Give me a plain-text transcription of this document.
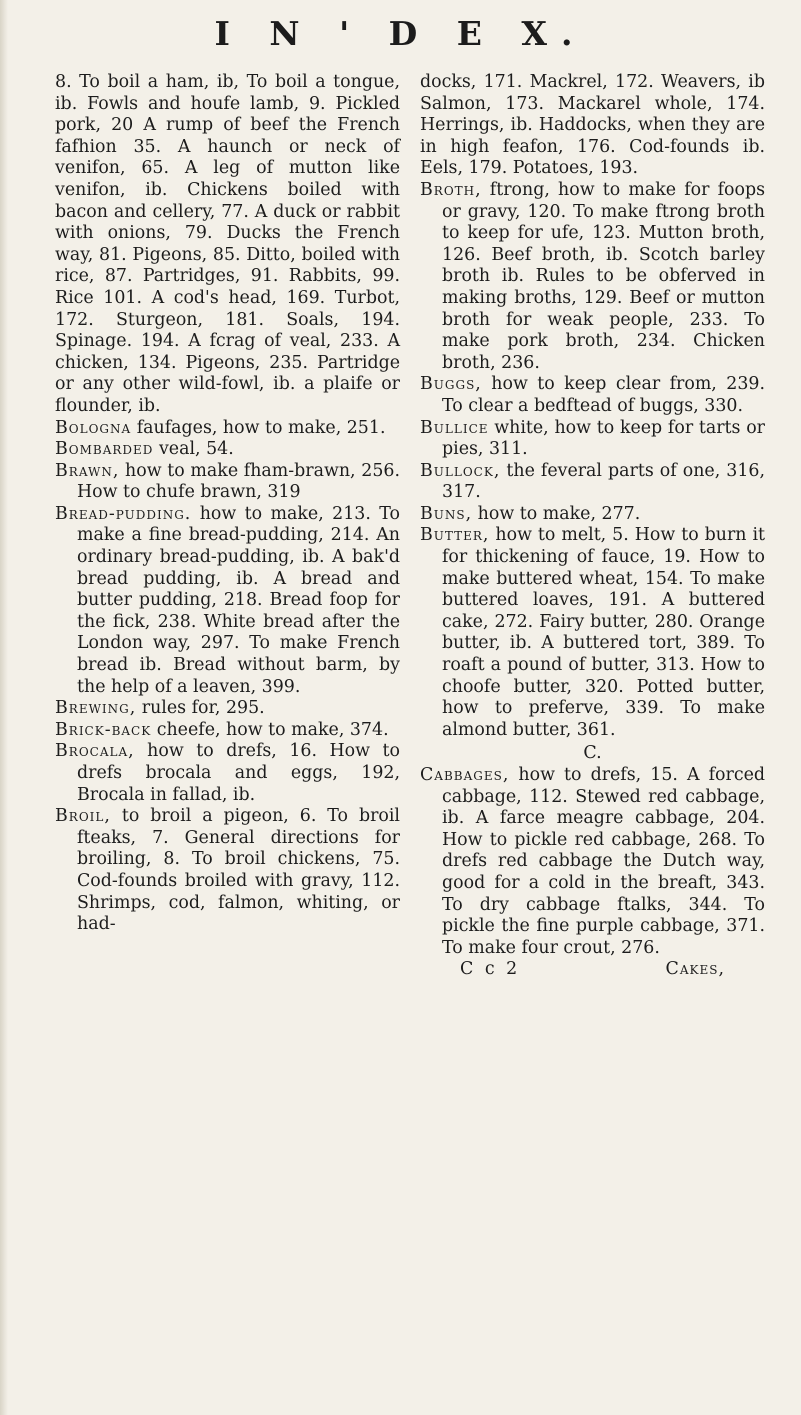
I N ' D E X.

8. To boil a ham, ib, To boil a tongue, ib. Fowls and houfe lamb, 9. Pickled pork, 20 A rump of beef the French fafhion 35. A haunch or neck of venifon, 65. A leg of mutton like venifon, ib. Chickens boiled with bacon and cellery, 77. A duck or rabbit with onions, 79. Ducks the French way, 81. Pigeons, 85. Ditto, boiled with rice, 87. Partridges, 91. Rabbits, 99. Rice 101. A cod's head, 169. Turbot, 172. Sturgeon, 181. Soals, 194. Spinage. 194. A fcrag of veal, 233. A chicken, 134. Pigeons, 235. Partridge or any other wild-fowl, ib. a plaife or flounder, ib.

Bologna faufages, how to make, 251.

Bombarded veal, 54.

Brawn, how to make fham-brawn, 256. How to chufe brawn, 319

Bread-pudding. how to make, 213. To make a fine bread-pudding, 214. An ordinary bread-pudding, ib. A bak'd bread pudding, ib. A bread and butter pudding, 218. Bread foop for the fick, 238. White bread after the London way, 297. To make French bread ib. Bread without barm, by the help of a leaven, 399.

Brewing, rules for, 295.

Brick-back cheefe, how to make, 374.

Brocala, how to drefs, 16. How to drefs brocala and eggs, 192, Brocala in fallad, ib.

Broil, to broil a pigeon, 6. To broil fteaks, 7. General directions for broiling, 8. To broil chickens, 75. Cod-founds broiled with gravy, 112. Shrimps, cod, falmon, whiting, or had-

docks, 171. Mackrel, 172. Weavers, ib Salmon, 173. Mackarel whole, 174. Herrings, ib. Haddocks, when they are in high feafon, 176. Cod-founds ib. Eels, 179. Potatoes, 193.

Broth, ftrong, how to make for foops or gravy, 120. To make ftrong broth to keep for ufe, 123. Mutton broth, 126. Beef broth, ib. Scotch barley broth ib. Rules to be obferved in making broths, 129. Beef or mutton broth for weak people, 233. To make pork broth, 234. Chicken broth, 236.

Buggs, how to keep clear from, 239. To clear a bedftead of buggs, 330.

Bullice white, how to keep for tarts or pies, 311.

Bullock, the feveral parts of one, 316, 317.

Buns, how to make, 277.

Butter, how to melt, 5. How to burn it for thickening of fauce, 19. How to make buttered wheat, 154. To make buttered loaves, 191. A buttered cake, 272. Fairy butter, 280. Orange butter, ib. A buttered tort, 389. To roaft a pound of butter, 313. How to choofe butter, 320. Potted butter, how to preferve, 339. To make almond butter, 361.

C.

Cabbages, how to drefs, 15. A forced cabbage, 112. Stewed red cabbage, ib. A farce meagre cabbage, 204. How to pickle red cabbage, 268. To drefs red cabbage the Dutch way, good for a cold in the breaft, 343. To dry cabbage ftalks, 344. To pickle the fine purple cabbage, 371. To make four crout, 276.

C c 2	Cakes,
